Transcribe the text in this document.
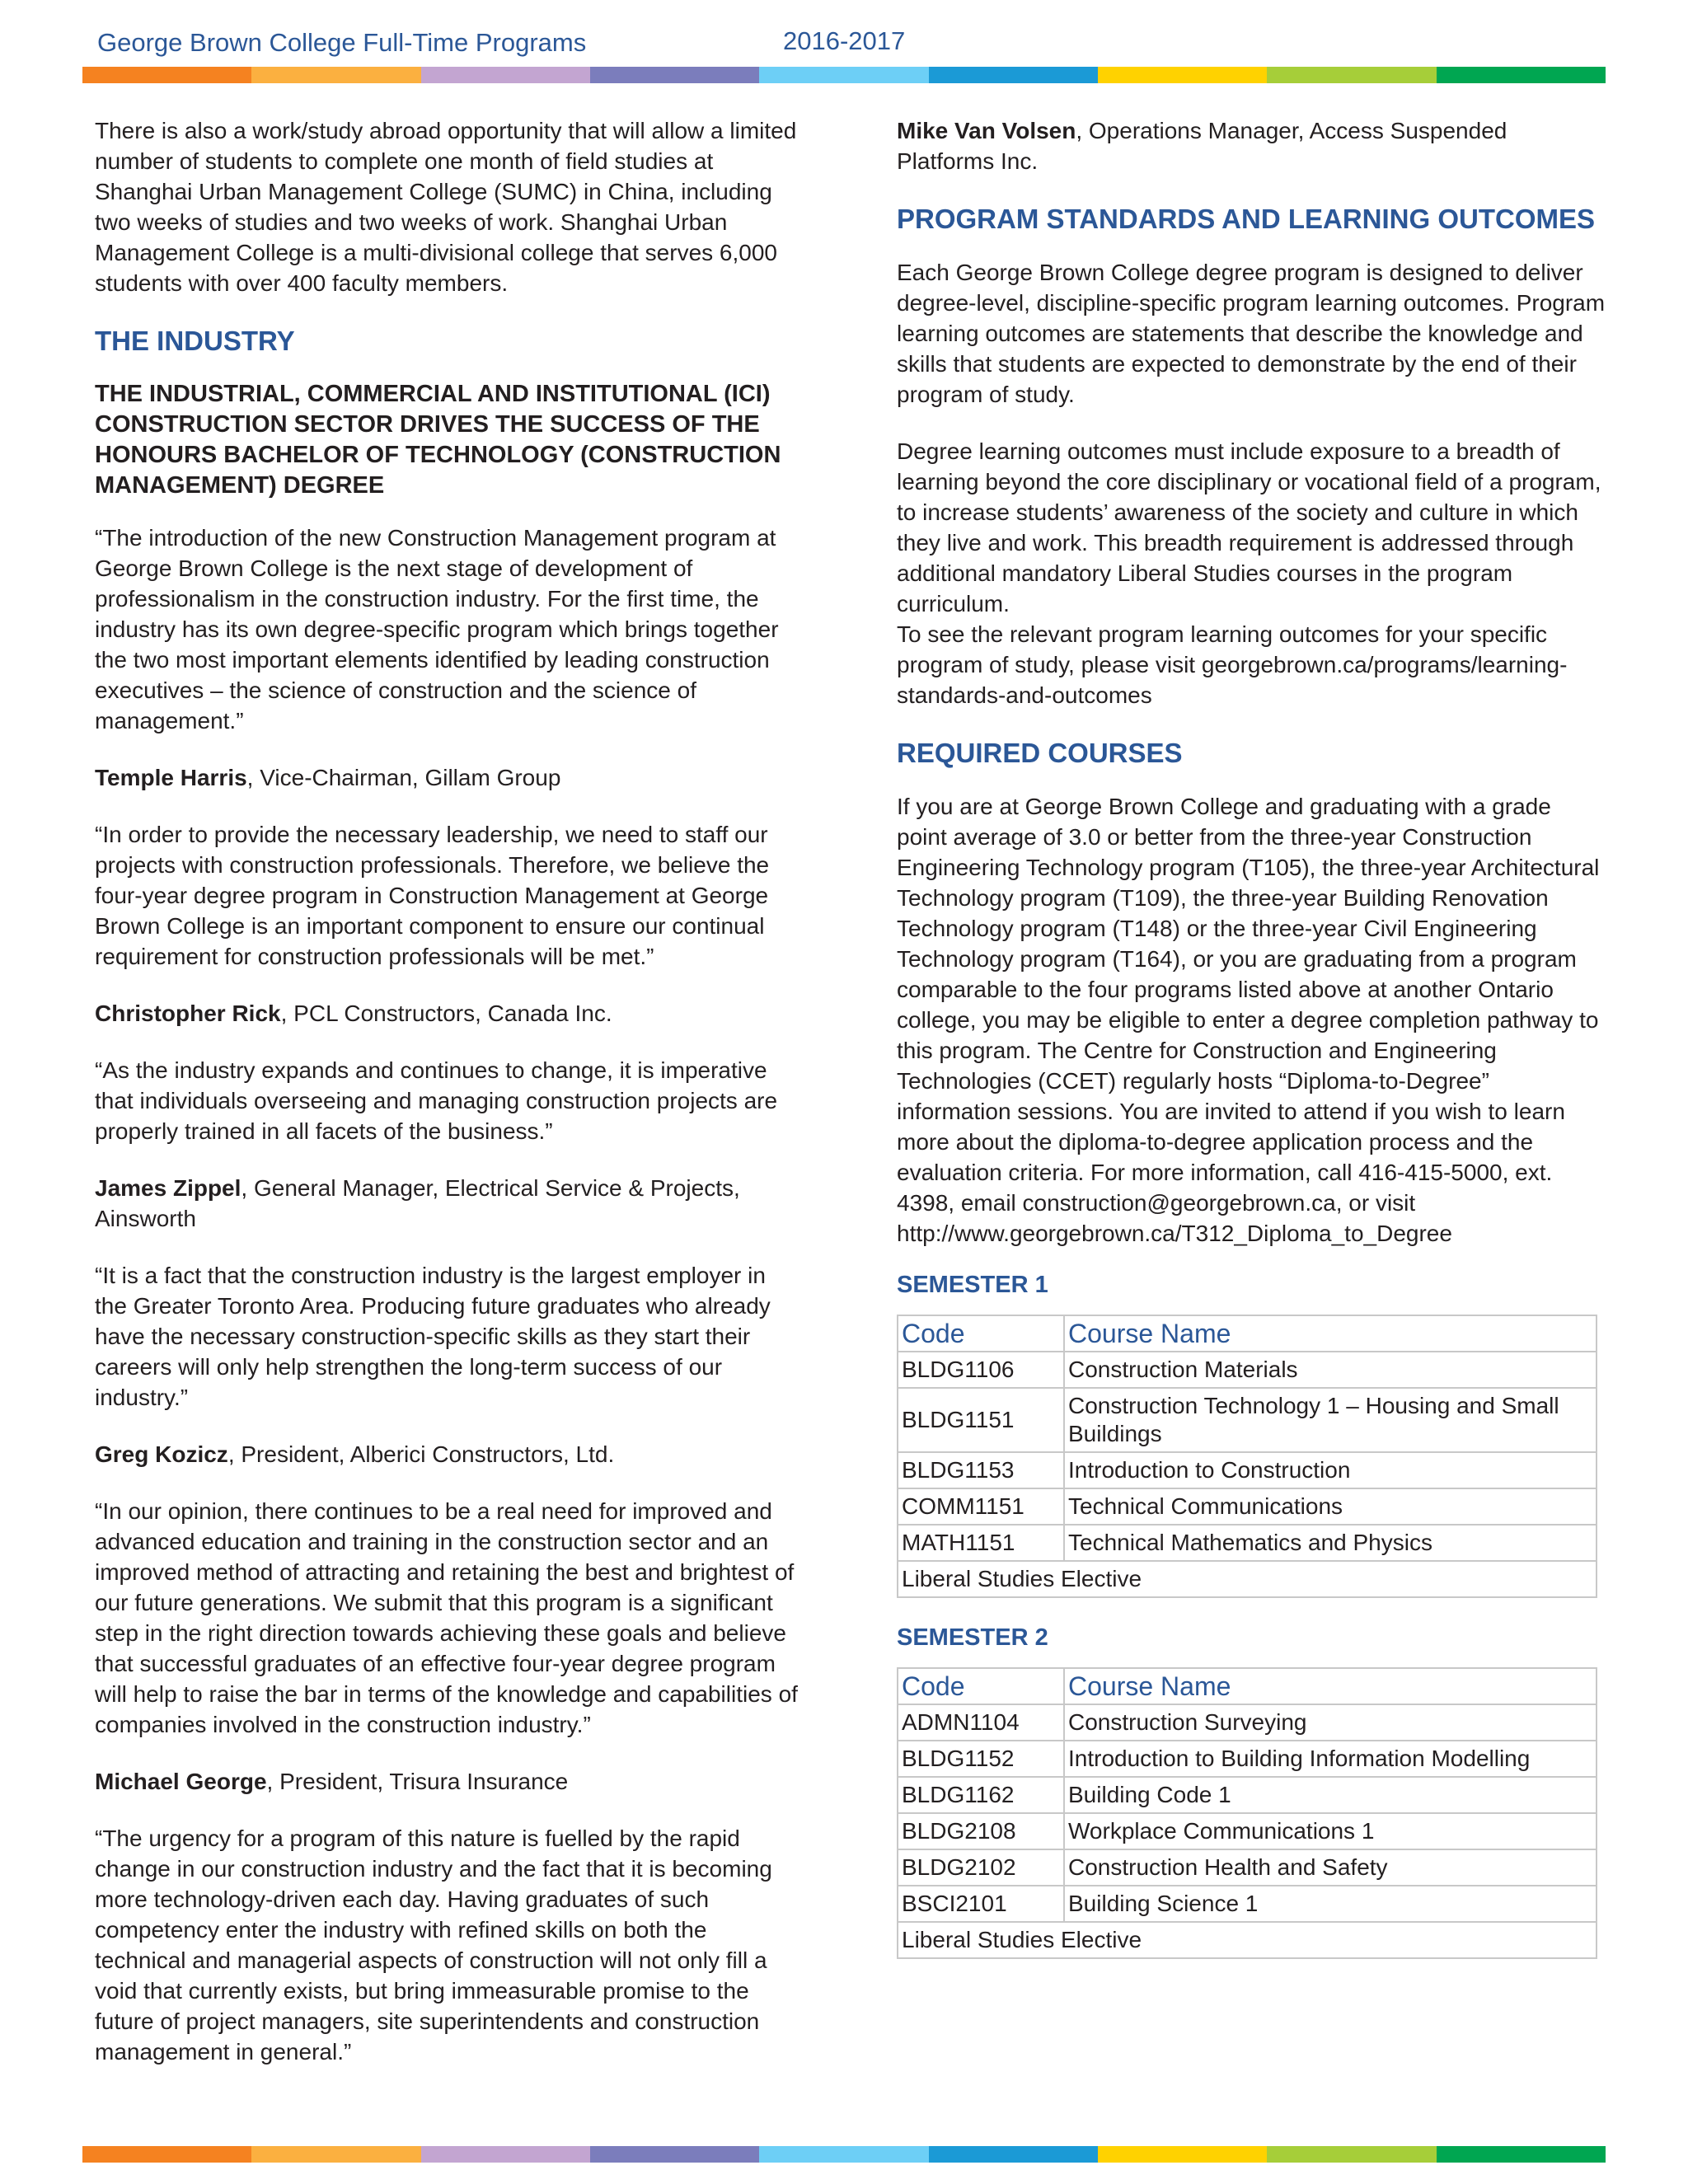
George Brown College Full-Time Programs	2016-2017

There is also a work/study abroad opportunity that will allow a limited number of students to complete one month of field studies at Shanghai Urban Management College (SUMC) in China, including two weeks of studies and two weeks of work. Shanghai Urban Management College is a multi-divisional college that serves 6,000 students with over 400 faculty members.

THE INDUSTRY
THE INDUSTRIAL, COMMERCIAL AND INSTITUTIONAL (ICI) CONSTRUCTION SECTOR DRIVES THE SUCCESS OF THE HONOURS BACHELOR OF TECHNOLOGY (CONSTRUCTION MANAGEMENT) DEGREE

“The introduction of the new Construction Management program at George Brown College is the next stage of development of professionalism in the construction industry. For the first time, the industry has its own degree-specific program which brings together the two most important elements identified by leading construction executives – the science of construction and the science of management.”

Temple Harris, Vice-Chairman, Gillam Group

“In order to provide the necessary leadership, we need to staff our projects with construction professionals. Therefore, we believe the four-year degree program in Construction Management at George Brown College is an important component to ensure our continual requirement for construction professionals will be met.”

Christopher Rick, PCL Constructors, Canada Inc.

“As the industry expands and continues to change, it is imperative that individuals overseeing and managing construction projects are properly trained in all facets of the business.”

James Zippel, General Manager, Electrical Service & Projects, Ainsworth

“It is a fact that the construction industry is the largest employer in the Greater Toronto Area. Producing future graduates who already have the necessary construction-specific skills as they start their careers will only help strengthen the long-term success of our industry.”

Greg Kozicz, President, Alberici Constructors, Ltd.

“In our opinion, there continues to be a real need for improved and advanced education and training in the construction sector and an improved method of attracting and retaining the best and brightest of our future generations. We submit that this program is a significant step in the right direction towards achieving these goals and believe that successful graduates of an effective four-year degree program will help to raise the bar in terms of the knowledge and capabilities of companies involved in the construction industry.”

Michael George, President, Trisura Insurance

“The urgency for a program of this nature is fuelled by the rapid change in our construction industry and the fact that it is becoming more technology-driven each day. Having graduates of such competency enter the industry with refined skills on both the technical and managerial aspects of construction will not only fill a void that currently exists, but bring immeasurable promise to the future of project managers, site superintendents and construction management in general.”

Mike Van Volsen, Operations Manager, Access Suspended Platforms Inc.

PROGRAM STANDARDS AND LEARNING OUTCOMES

Each George Brown College degree program is designed to deliver degree-level, discipline-specific program learning outcomes. Program learning outcomes are statements that describe the knowledge and skills that students are expected to demonstrate by the end of their program of study.

Degree learning outcomes must include exposure to a breadth of learning beyond the core disciplinary or vocational field of a program, to increase students’ awareness of the society and culture in which they live and work. This breadth requirement is addressed through additional mandatory Liberal Studies courses in the program curriculum.

To see the relevant program learning outcomes for your specific program of study, please visit georgebrown.ca/programs/learning-standards-and-outcomes

REQUIRED COURSES

If you are at George Brown College and graduating with a grade point average of 3.0 or better from the three-year Construction Engineering Technology program (T105), the three-year Architectural Technology program (T109), the three-year Building Renovation Technology program (T148) or the three-year Civil Engineering Technology program (T164), or you are graduating from a program comparable to the four programs listed above at another Ontario college, you may be eligible to enter a degree completion pathway to this program. The Centre for Construction and Engineering Technologies (CCET) regularly hosts “Diploma-to-Degree” information sessions. You are invited to attend if you wish to learn more about the diploma-to-degree application process and the evaluation criteria. For more information, call 416-415-5000, ext. 4398, email construction@georgebrown.ca, or visit http://www.georgebrown.ca/T312_Diploma_to_Degree

SEMESTER 1
Code	Course Name
BLDG1106	Construction Materials
BLDG1151	Construction Technology 1 – Housing and Small Buildings
BLDG1153	Introduction to Construction
COMM1151	Technical Communications
MATH1151	Technical Mathematics and Physics
Liberal Studies Elective	
SEMESTER 2
Code	Course Name
ADMN1104	Construction Surveying
BLDG1152	Introduction to Building Information Modelling
BLDG1162	Building Code 1
BLDG2108	Workplace Communications 1
BLDG2102	Construction Health and Safety
BSCI2101	Building Science 1
Liberal Studies Elective	
